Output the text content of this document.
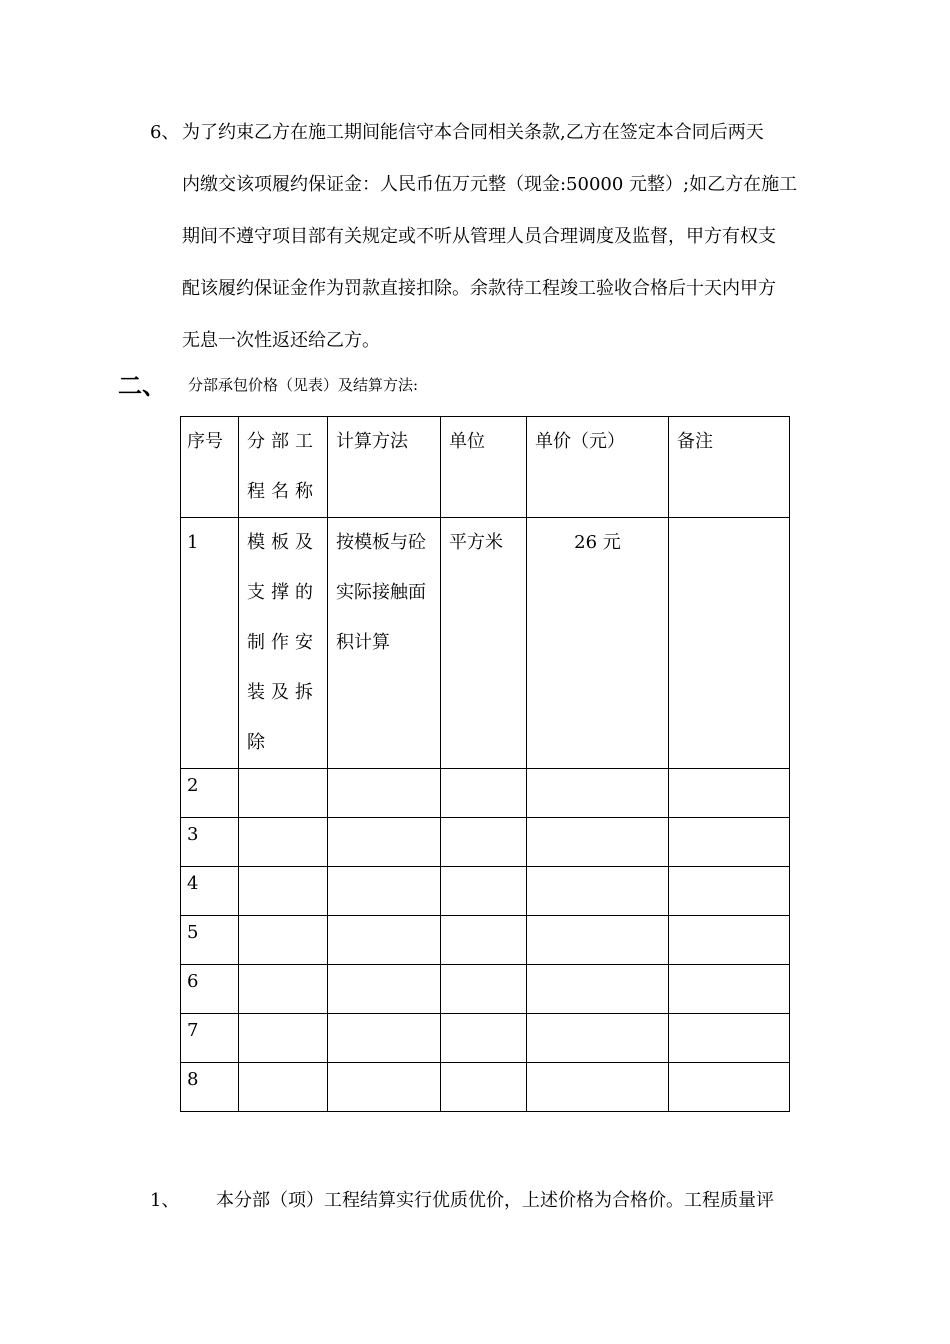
6、 为了约束乙方在施工期间能信守本合同相关条款,乙方在签定本合同后两天
内缴交该项履约保证金：人民币伍万元整（现金:50000 元整）;如乙方在施工
期间不遵守项目部有关规定或不听从管理人员合理调度及监督，甲方有权支
配该履约保证金作为罚款直接扣除。余款待工程竣工验收合格后十天内甲方
无息一次性返还给乙方。
二、 分部承包价格（见表）及结算方法:
序号	分部工程名称	计算方法	单位	单价（元）	备注
1	模板及支撑的制作安装及拆除	按模板与砼实际接触面积计算	平方米	26 元	
2					
3					
4					
5					
6					
7					
8					
1、 本分部（项）工程结算实行优质优价，上述价格为合格价。工程质量评
